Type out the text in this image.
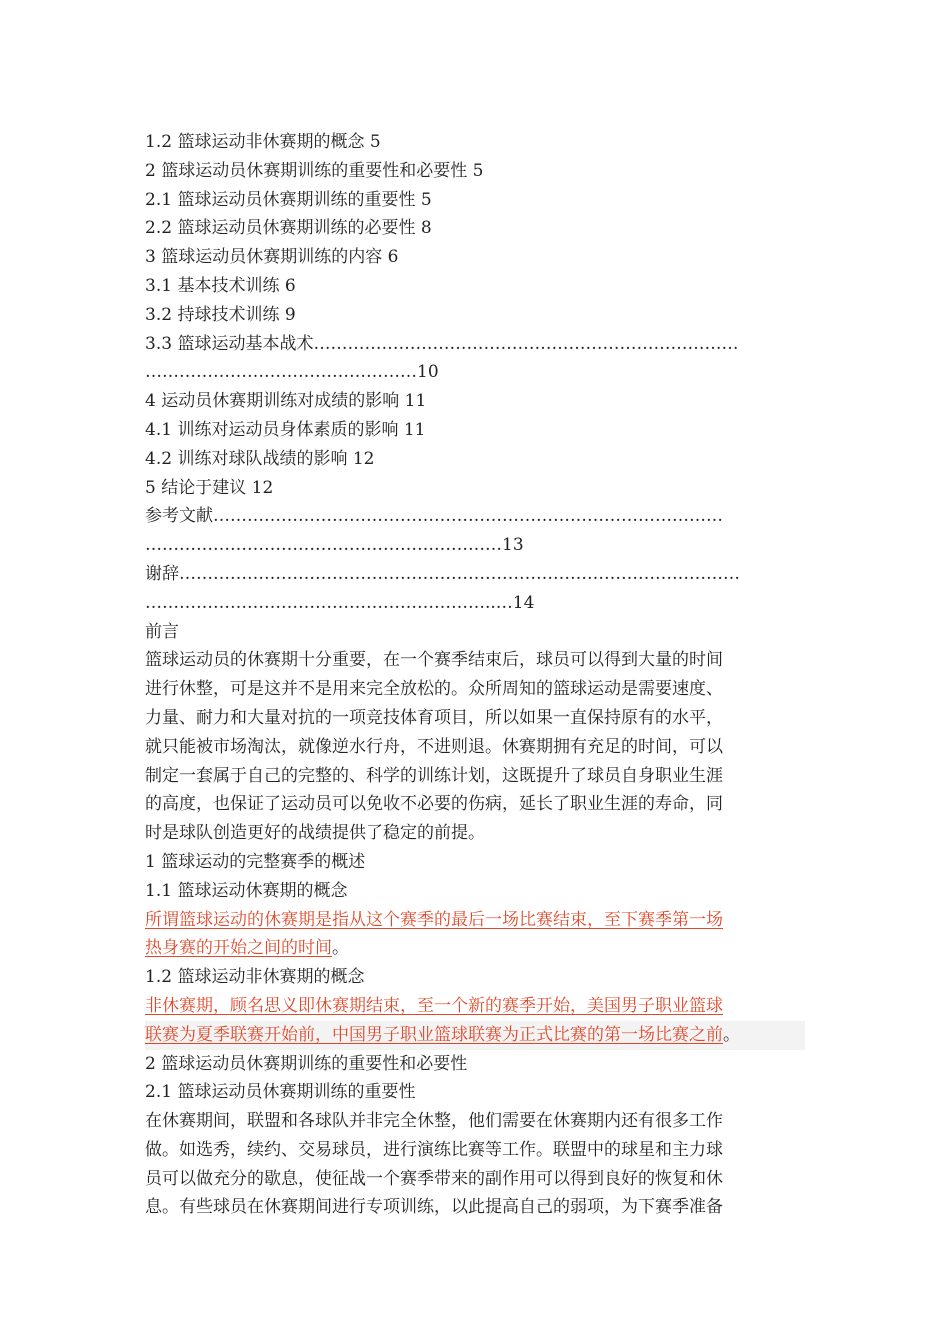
1.2 篮球运动非休赛期的概念 5
2 篮球运动员休赛期训练的重要性和必要性 5
2.1 篮球运动员休赛期训练的重要性 5
2.2 篮球运动员休赛期训练的必要性 8
3 篮球运动员休赛期训练的内容 6
3.1 基本技术训练 6
3.2 持球技术训练 9
3.3 篮球运动基本战术…………………………………………………………………
…………………………………………10
4 运动员休赛期训练对成绩的影响 11
4.1 训练对运动员身体素质的影响 11
4.2 训练对球队战绩的影响 12
5 结论于建议 12
参考文献………………………………………………………………………………
………………………………………………………13
谢辞………………………………………………………………………………………
……………………………………………………..…14
前言
篮球运动员的休赛期十分重要，在一个赛季结束后，球员可以得到大量的时间
进行休整，可是这并不是用来完全放松的。众所周知的篮球运动是需要速度、
力量、耐力和大量对抗的一项竞技体育项目，所以如果一直保持原有的水平，
就只能被市场淘汰，就像逆水行舟，不进则退。休赛期拥有充足的时间，可以
制定一套属于自己的完整的、科学的训练计划，这既提升了球员自身职业生涯
的高度，也保证了运动员可以免收不必要的伤病，延长了职业生涯的寿命，同
时是球队创造更好的战绩提供了稳定的前提。
1 篮球运动的完整赛季的概述
1.1 篮球运动休赛期的概念
所谓篮球运动的休赛期是指从这个赛季的最后一场比赛结束，至下赛季第一场
热身赛的开始之间的时间。
1.2 篮球运动非休赛期的概念
非休赛期，顾名思义即休赛期结束，至一个新的赛季开始，美国男子职业篮球
联赛为夏季联赛开始前，中国男子职业篮球联赛为正式比赛的第一场比赛之前。
2 篮球运动员休赛期训练的重要性和必要性
2.1 篮球运动员休赛期训练的重要性
在休赛期间，联盟和各球队并非完全休整，他们需要在休赛期内还有很多工作
做。如选秀，续约、交易球员，进行演练比赛等工作。联盟中的球星和主力球
员可以做充分的歇息，使征战一个赛季带来的副作用可以得到良好的恢复和休
息。有些球员在休赛期间进行专项训练，以此提高自己的弱项，为下赛季准备
